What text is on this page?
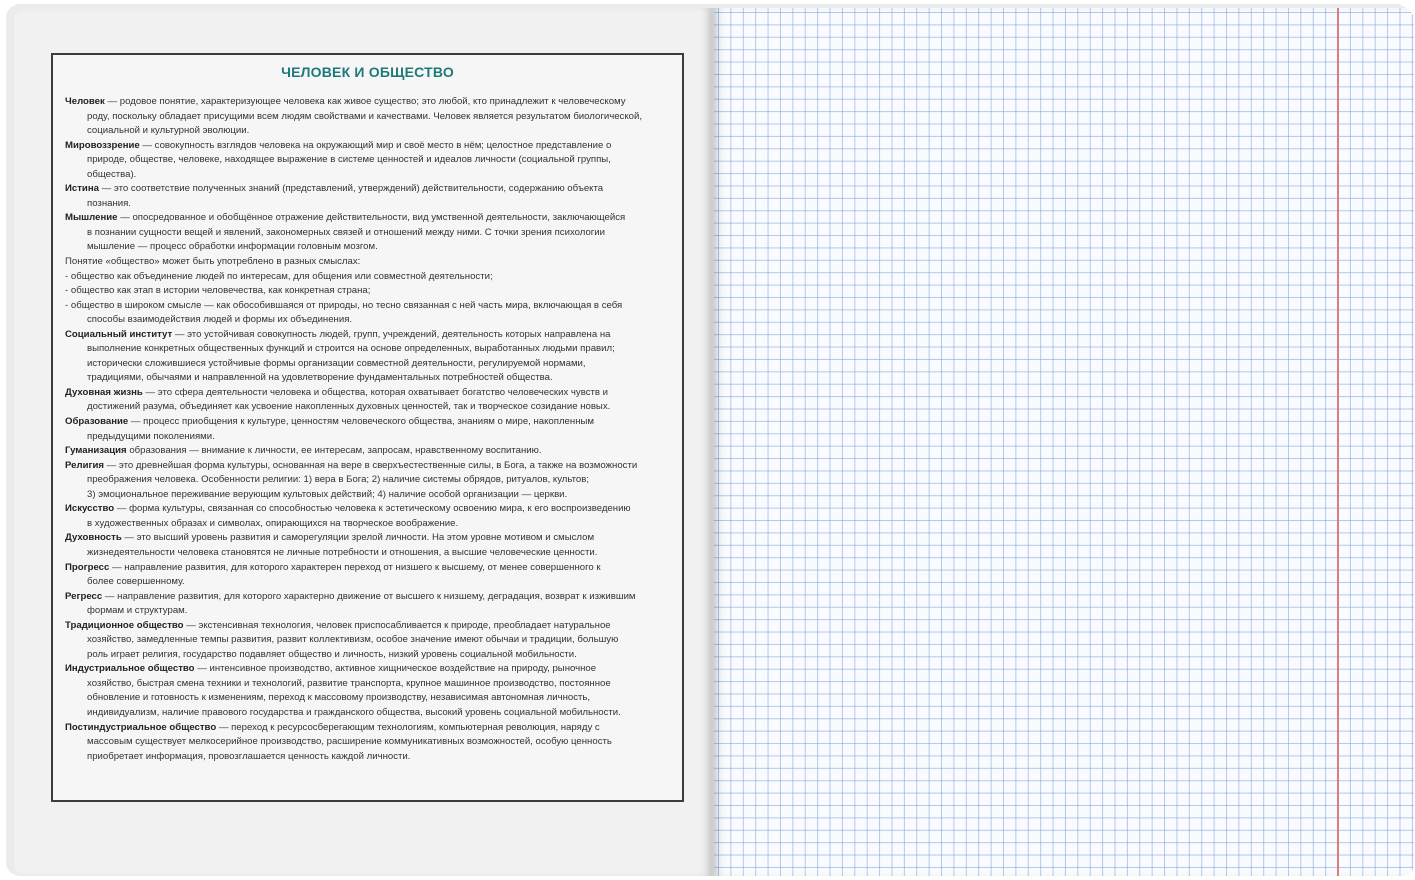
ЧЕЛОВЕК И ОБЩЕСТВО
Человек — родовое понятие, характеризующее человека как живое существо; это любой, кто принадлежит к человеческому
роду, поскольку обладает присущими всем людям свойствами и качествами. Человек является результатом биологической,
социальной и культурной эволюции.
Мировоззрение — совокупность взглядов человека на окружающий мир и своё место в нём; целостное представление о
природе, обществе, человеке, находящее выражение в системе ценностей и идеалов личности (социальной группы,
общества).
Истина — это соответствие полученных знаний (представлений, утверждений) действительности, содержанию объекта
познания.
Мышление — опосредованное и обобщённое отражение действительности, вид умственной деятельности, заключающейся
в познании сущности вещей и явлений, закономерных связей и отношений между ними. С точки зрения психологии
мышление — процесс обработки информации головным мозгом.
Понятие «общество» может быть употреблено в разных смыслах:
- общество как объединение людей по интересам, для общения или совместной деятельности;
- общество как этап в истории человечества, как конкретная страна;
- общество в широком смысле — как обособившаяся от природы, но тесно связанная с ней часть мира, включающая в себя
способы взаимодействия людей и формы их объединения.
Социальный институт — это устойчивая совокупность людей, групп, учреждений, деятельность которых направлена на
выполнение конкретных общественных функций и строится на основе определенных, выработанных людьми правил;
исторически сложившиеся устойчивые формы организации совместной деятельности, регулируемой нормами,
традициями, обычаями и направленной на удовлетворение фундаментальных потребностей общества.
Духовная жизнь — это сфера деятельности человека и общества, которая охватывает богатство человеческих чувств и
достижений разума, объединяет как усвоение накопленных духовных ценностей, так и творческое созидание новых.
Образование — процесс приобщения к культуре, ценностям человеческого общества, знаниям о мире, накопленным
предыдущими поколениями.
Гуманизация образования — внимание к личности, ее интересам, запросам, нравственному воспитанию.
Религия — это древнейшая форма культуры, основанная на вере в сверхъестественные силы, в Бога, а также на возможности
преображения человека. Особенности религии: 1) вера в Бога; 2) наличие системы обрядов, ритуалов, культов;
3) эмоциональное переживание верующим культовых действий; 4) наличие особой организации — церкви.
Искусство — форма культуры, связанная со способностью человека к эстетическому освоению мира, к его воспроизведению
в художественных образах и символах, опирающихся на творческое воображение.
Духовность — это высший уровень развития и саморегуляции зрелой личности. На этом уровне мотивом и смыслом
жизнедеятельности человека становятся не личные потребности и отношения, а высшие человеческие ценности.
Прогресс — направление развития, для которого характерен переход от низшего к высшему, от менее совершенного к
более совершенному.
Регресс — направление развития, для которого характерно движение от высшего к низшему, деградация, возврат к изжившим
формам и структурам.
Традиционное общество — экстенсивная технология, человек приспосабливается к природе, преобладает натуральное
хозяйство, замедленные темпы развития, развит коллективизм, особое значение имеют обычаи и традиции, большую
роль играет религия, государство подавляет общество и личность, низкий уровень социальной мобильности.
Индустриальное общество — интенсивное производство, активное хищническое воздействие на природу, рыночное
хозяйство, быстрая смена техники и технологий, развитие транспорта, крупное машинное производство, постоянное
обновление и готовность к изменениям, переход к массовому производству, независимая автономная личность,
индивидуализм, наличие правового государства и гражданского общества, высокий уровень социальной мобильности.
Постиндустриальное общество — переход к ресурсосберегающим технологиям, компьютерная революция, наряду с
массовым существует мелкосерийное производство, расширение коммуникативных возможностей, особую ценность
приобретает информация, провозглашается ценность каждой личности.
